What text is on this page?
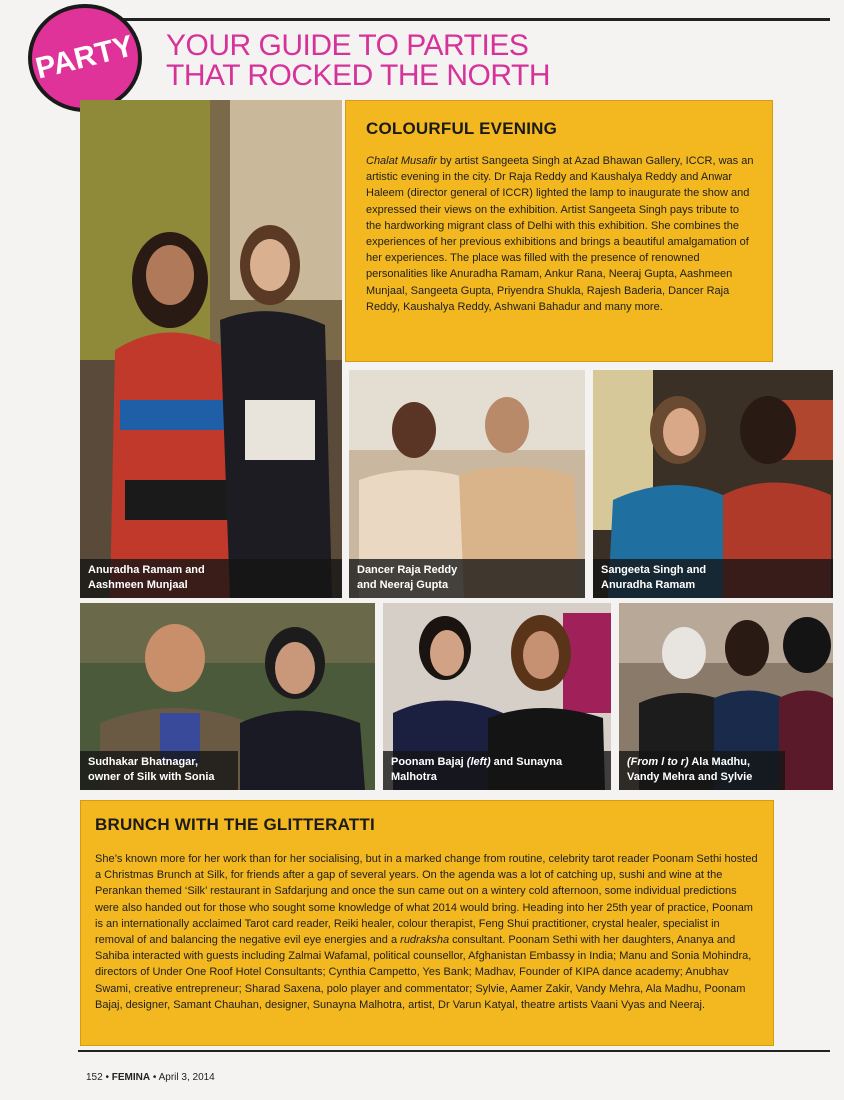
PARTY YOUR GUIDE TO PARTIES
THAT ROCKED THE NORTH
Anuradha Ramam and
Aashmeen Munjaal
COLOURFUL EVENING
Chalat Musafir by artist Sangeeta Singh at Azad Bhawan Gallery, ICCR, was an artistic evening in the city. Dr Raja Reddy and Kaushalya Reddy and Anwar Haleem (director general of ICCR) lighted the lamp to inaugurate the show and expressed their views on the exhibition. Artist Sangeeta Singh pays tribute to the hardworking migrant class of Delhi with this exhibition. She combines the experiences of her previous exhibitions and brings a beautiful amalgamation of her experiences. The place was filled with the presence of renowned personalities like Anuradha Ramam, Ankur Rana, Neeraj Gupta, Aashmeen Munjaal, Sangeeta Gupta, Priyendra Shukla, Rajesh Baderia, Dancer Raja Reddy, Kaushalya Reddy, Ashwani Bahadur and many more.
Dancer Raja Reddy
and Neeraj Gupta
Sangeeta Singh and
Anuradha Ramam
Sudhakar Bhatnagar,
owner of Silk with Sonia
Poonam Bajaj (left) and Sunayna Malhotra
(From l to r) Ala Madhu,
Vandy Mehra and Sylvie
BRUNCH WITH THE GLITTERATTI
She’s known more for her work than for her socialising, but in a marked change from routine, celebrity tarot reader Poonam Sethi hosted a Christmas Brunch at Silk, for friends after a gap of several years. On the agenda was a lot of catching up, sushi and wine at the Perankan themed ‘Silk’ restaurant in Safdarjung and once the sun came out on a wintery cold afternoon, some individual predictions were also handed out for those who sought some knowledge of what 2014 would bring. Heading into her 25th year of practice, Poonam is an internationally acclaimed Tarot card reader, Reiki healer, colour therapist, Feng Shui practitioner, crystal healer, specialist in removal of and balancing the negative evil eye energies and a rudraksha consultant. Poonam Sethi with her daughters, Ananya and Sahiba interacted with guests including Zalmai Wafamal, political counsellor, Afghanistan Embassy in India; Manu and Sonia Mohindra, directors of Under One Roof Hotel Consultants; Cynthia Campetto, Yes Bank; Madhav, Founder of KIPA dance academy; Anubhav Swami, creative entrepreneur; Sharad Saxena, polo player and commentator; Sylvie, Aamer Zakir, Vandy Mehra, Ala Madhu, Poonam Bajaj, designer, Samant Chauhan, designer, Sunayna Malhotra, artist, Dr Varun Katyal, theatre artists Vaani Vyas and Neeraj.
152 • FEMINA • April 3, 2014
